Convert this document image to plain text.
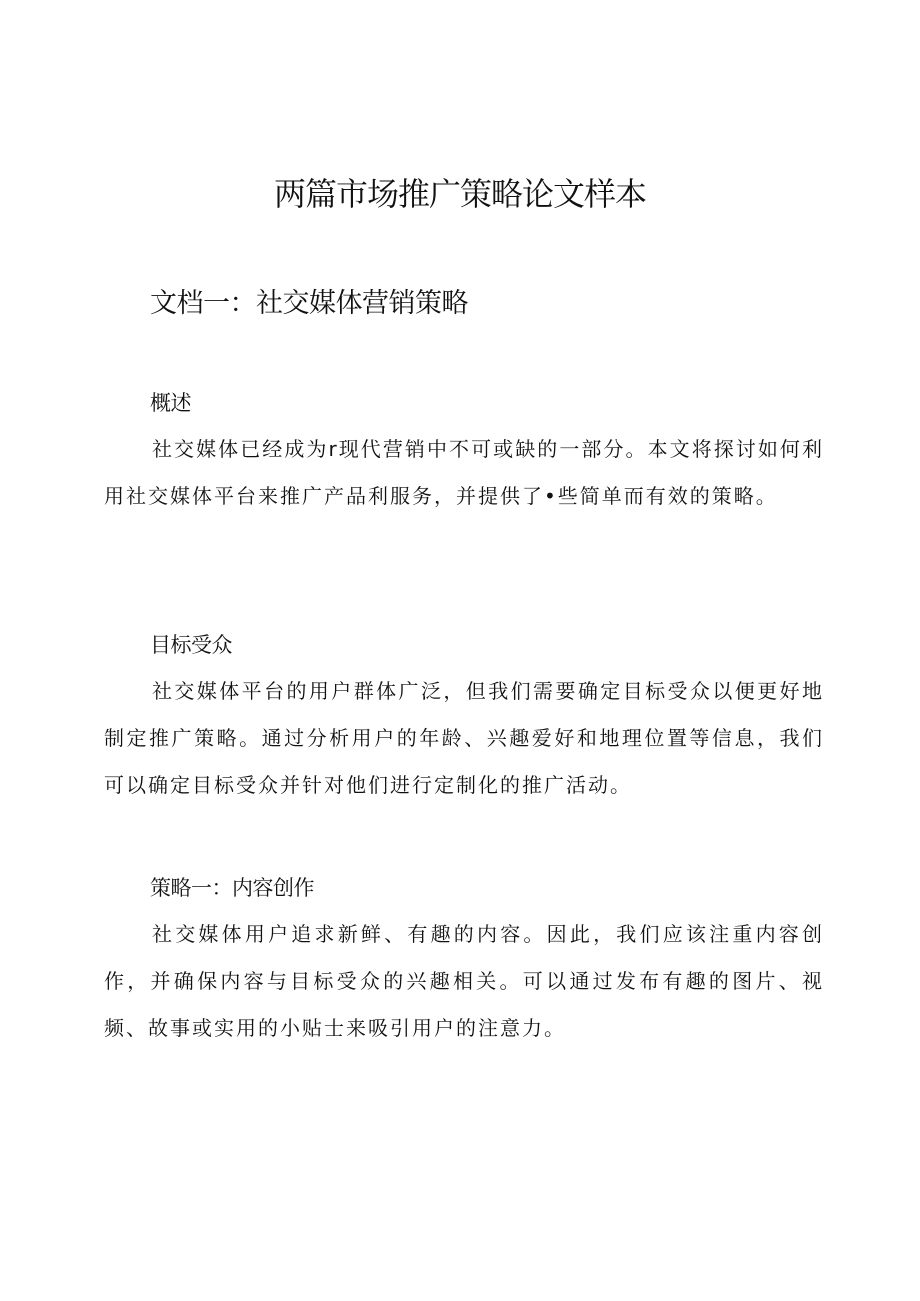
两篇市场推广策略论文样本
文档一：社交媒体营销策略
概述

社交媒体已经成为r现代营销中不可或缺的一部分。本文将探讨如何利用社交媒体平台来推广产品利服务，并提供了•些简单而有效的策略。

目标受众

社交媒体平台的用户群体广泛，但我们需要确定目标受众以便更好地制定推广策略。通过分析用户的年龄、兴趣爱好和地理位置等信息，我们可以确定目标受众并针对他们进行定制化的推广活动。

策略一：内容创作

社交媒体用户追求新鲜、有趣的内容。因此，我们应该注重内容创作，并确保内容与目标受众的兴趣相关。可以通过发布有趣的图片、视频、故事或实用的小贴士来吸引用户的注意力。
